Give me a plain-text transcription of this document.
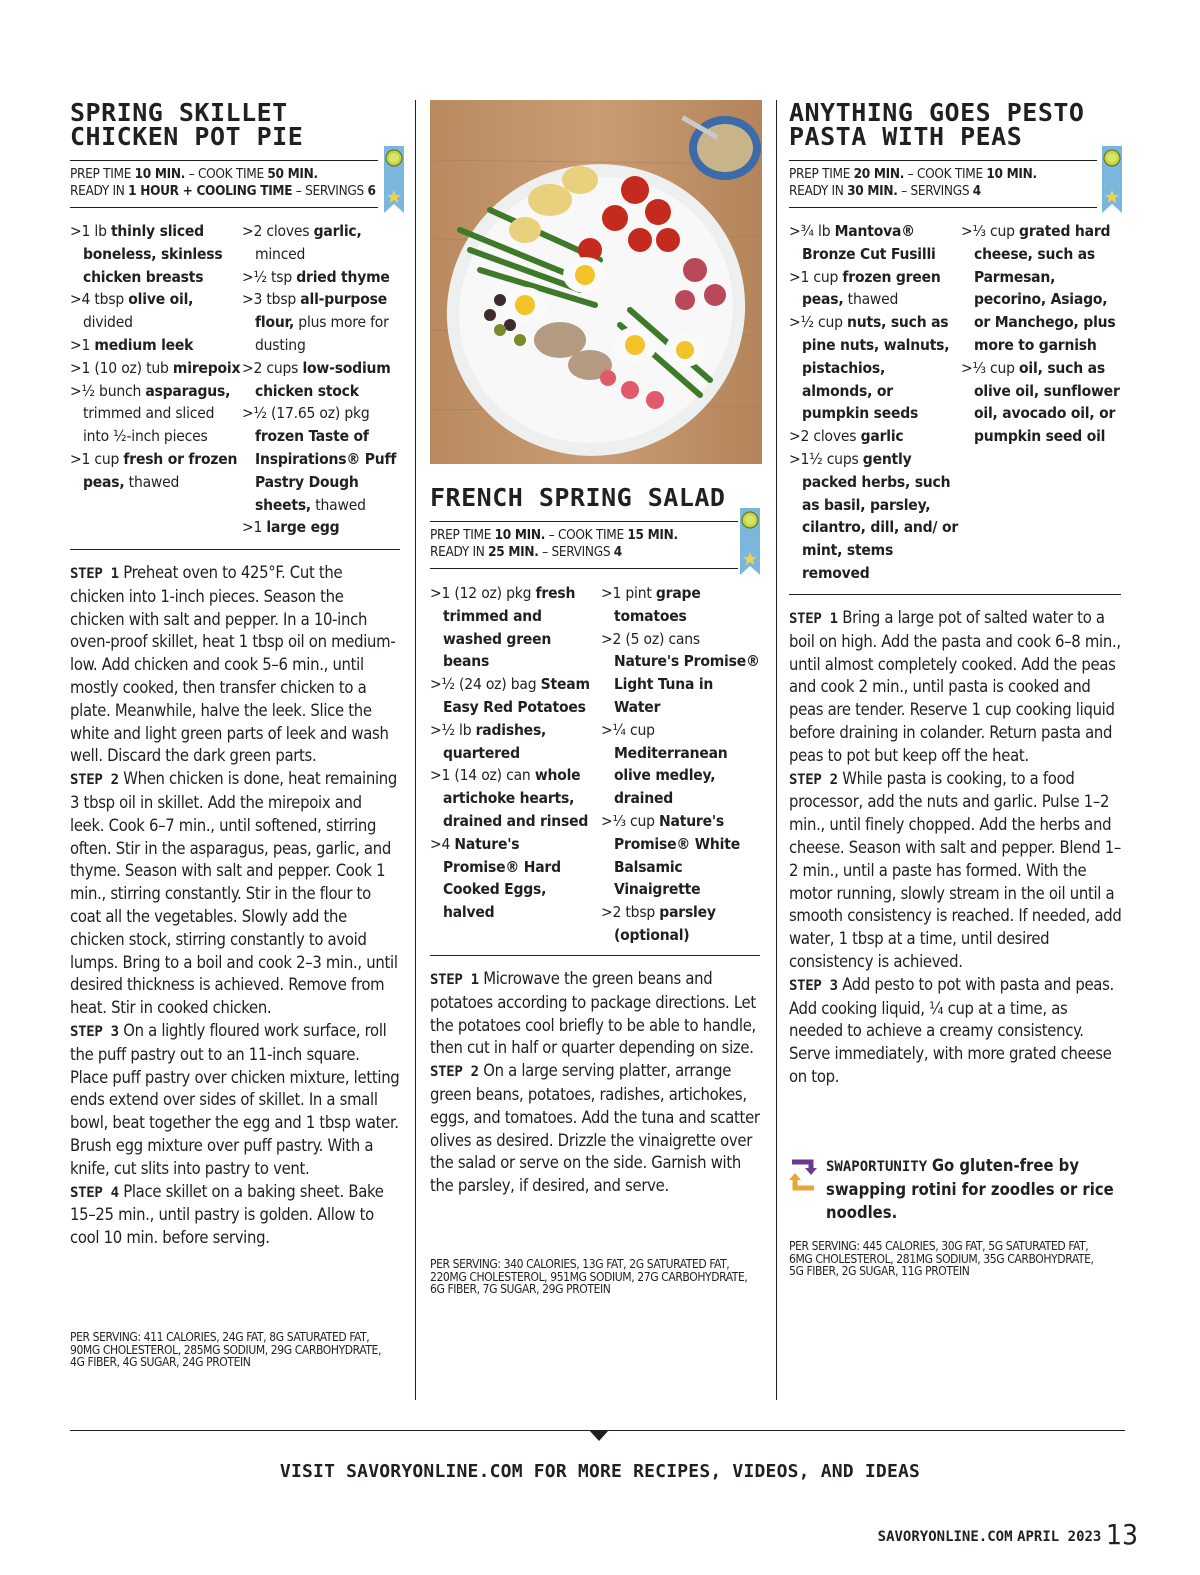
SPRING SKILLET
CHICKEN POT PIE
PREP TIME 10 MIN. – COOK TIME 50 MIN.
READY IN 1 HOUR + COOLING TIME – SERVINGS 6
>1 lb thinly sliced boneless, skinless chicken breasts
>4 tbsp olive oil, divided
>1 medium leek
>1 (10 oz) tub mirepoix
>½ bunch asparagus, trimmed and sliced into ½-inch pieces
>1 cup fresh or frozen peas, thawed
>2 cloves garlic, minced
>½ tsp dried thyme
>3 tbsp all-purpose flour, plus more for dusting
>2 cups low-sodium chicken stock
>½ (17.65 oz) pkg frozen Taste of Inspirations® Puff Pastry Dough sheets, thawed
>1 large egg

STEP 1 Preheat oven to 425°F. Cut the chicken into 1-inch pieces. Season the chicken with salt and pepper. In a 10-inch oven-proof skillet, heat 1 tbsp oil on medium-low. Add chicken and cook 5–6 min., until mostly cooked, then transfer chicken to a plate. Meanwhile, halve the leek. Slice the white and light green parts of leek and wash well. Discard the dark green parts.

STEP 2 When chicken is done, heat remaining 3 tbsp oil in skillet. Add the mirepoix and leek. Cook 6–7 min., until softened, stirring often. Stir in the asparagus, peas, garlic, and thyme. Season with salt and pepper. Cook 1 min., stirring constantly. Stir in the flour to coat all the vegetables. Slowly add the chicken stock, stirring constantly to avoid lumps. Bring to a boil and cook 2–3 min., until desired thickness is achieved. Remove from heat. Stir in cooked chicken.

STEP 3 On a lightly floured work surface, roll the puff pastry out to an 11-inch square. Place puff pastry over chicken mixture, letting ends extend over sides of skillet. In a small bowl, beat together the egg and 1 tbsp water. Brush egg mixture over puff pastry. With a knife, cut slits into pastry to vent.

STEP 4 Place skillet on a baking sheet. Bake 15–25 min., until pastry is golden. Allow to cool 10 min. before serving.

PER SERVING: 411 CALORIES, 24G FAT, 8G SATURATED FAT,
90MG CHOLESTEROL, 285MG SODIUM, 29G CARBOHYDRATE,
4G FIBER, 4G SUGAR, 24G PROTEIN
FRENCH SPRING SALAD
PREP TIME 10 MIN. – COOK TIME 15 MIN.
READY IN 25 MIN. – SERVINGS 4
>1 (12 oz) pkg fresh trimmed and washed green beans
>½ (24 oz) bag Steam Easy Red Potatoes
>½ lb radishes, quartered
>1 (14 oz) can whole artichoke hearts, drained and rinsed
>4 Nature's Promise® Hard Cooked Eggs, halved
>1 pint grape tomatoes
>2 (5 oz) cans Nature's Promise® Light Tuna in Water
>¼ cup Mediterranean olive medley, drained
>⅓ cup Nature's Promise® White Balsamic Vinaigrette
>2 tbsp parsley (optional)

STEP 1 Microwave the green beans and potatoes according to package directions. Let the potatoes cool briefly to be able to handle, then cut in half or quarter depending on size.

STEP 2 On a large serving platter, arrange green beans, potatoes, radishes, artichokes, eggs, and tomatoes. Add the tuna and scatter olives as desired. Drizzle the vinaigrette over the salad or serve on the side. Garnish with the parsley, if desired, and serve.

PER SERVING: 340 CALORIES, 13G FAT, 2G SATURATED FAT,
220MG CHOLESTEROL, 951MG SODIUM, 27G CARBOHYDRATE,
6G FIBER, 7G SUGAR, 29G PROTEIN
ANYTHING GOES PESTO
PASTA WITH PEAS
PREP TIME 20 MIN. – COOK TIME 10 MIN.
READY IN 30 MIN. – SERVINGS 4
>¾ lb Mantova® Bronze Cut Fusilli
>1 cup frozen green peas, thawed
>½ cup nuts, such as pine nuts, walnuts, pistachios, almonds, or pumpkin seeds
>2 cloves garlic
>1½ cups gently packed herbs, such as basil, parsley, cilantro, dill, and/ or mint, stems removed
>⅓ cup grated hard cheese, such as Parmesan, pecorino, Asiago, or Manchego, plus more to garnish
>⅓ cup oil, such as olive oil, sunflower oil, avocado oil, or pumpkin seed oil

STEP 1 Bring a large pot of salted water to a boil on high. Add the pasta and cook 6–8 min., until almost completely cooked. Add the peas and cook 2 min., until pasta is cooked and peas are tender. Reserve 1 cup cooking liquid before draining in colander. Return pasta and peas to pot but keep off the heat.

STEP 2 While pasta is cooking, to a food processor, add the nuts and garlic. Pulse 1–2 min., until finely chopped. Add the herbs and cheese. Season with salt and pepper. Blend 1–2 min., until a paste has formed. With the motor running, slowly stream in the oil until a smooth consistency is reached. If needed, add water, 1 tbsp at a time, until desired consistency is achieved.

STEP 3 Add pesto to pot with pasta and peas. Add cooking liquid, ¼ cup at a time, as needed to achieve a creamy consistency. Serve immediately, with more grated cheese on top.

SWAPORTUNITY Go gluten-free by swapping rotini for zoodles or rice noodles.
PER SERVING: 445 CALORIES, 30G FAT, 5G SATURATED FAT,
6MG CHOLESTEROL, 281MG SODIUM, 35G CARBOHYDRATE,
5G FIBER, 2G SUGAR, 11G PROTEIN
VISIT SAVORYONLINE.COM FOR MORE RECIPES, VIDEOS, AND IDEAS
SAVORYONLINE.COM APRIL 2023 13
